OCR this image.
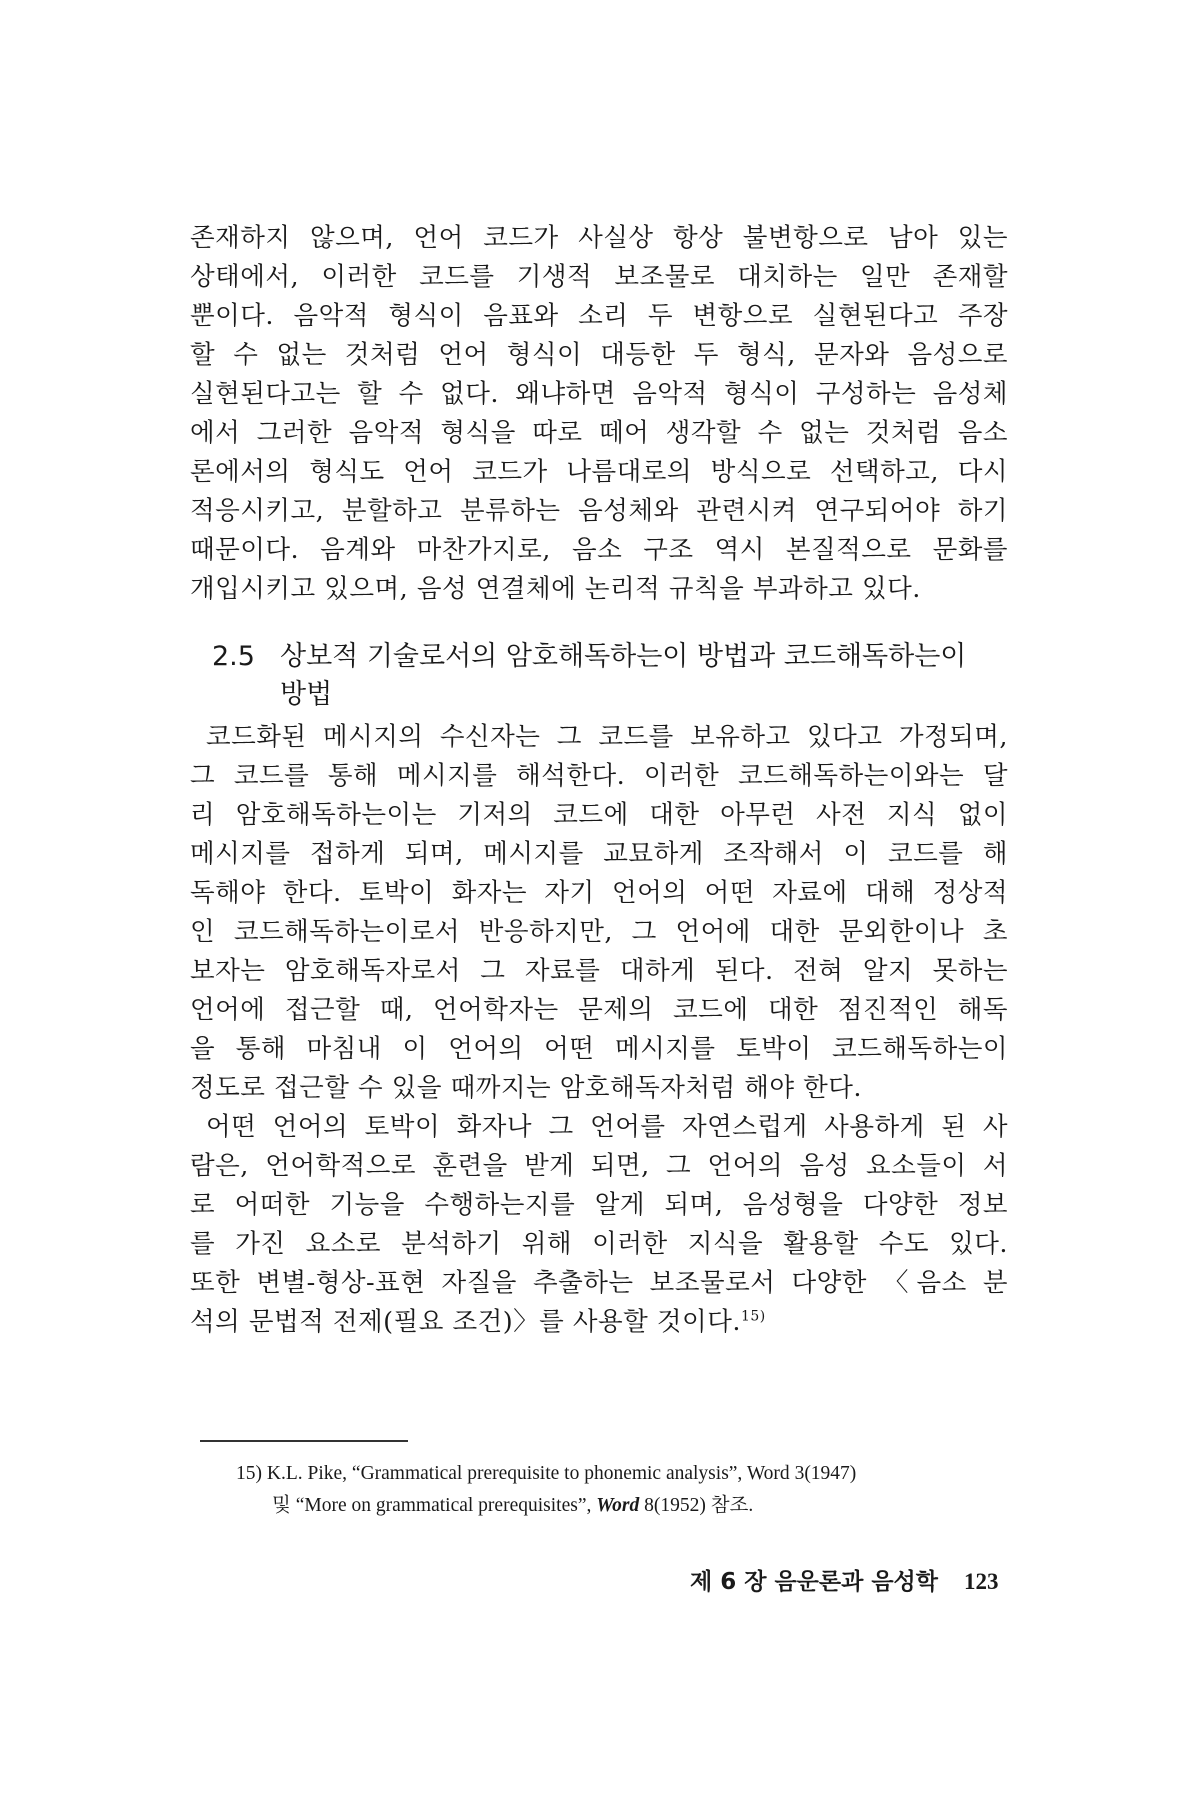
존재하지 않으며, 언어 코드가 사실상 항상 불변항으로 남아 있는
상태에서, 이러한 코드를 기생적 보조물로 대치하는 일만 존재할
뿐이다. 음악적 형식이 음표와 소리 두 변항으로 실현된다고 주장
할 수 없는 것처럼 언어 형식이 대등한 두 형식, 문자와 음성으로
실현된다고는 할 수 없다. 왜냐하면 음악적 형식이 구성하는 음성체
에서 그러한 음악적 형식을 따로 떼어 생각할 수 없는 것처럼 음소
론에서의 형식도 언어 코드가 나름대로의 방식으로 선택하고, 다시
적응시키고, 분할하고 분류하는 음성체와 관련시켜 연구되어야 하기
때문이다. 음계와 마찬가지로, 음소 구조 역시 본질적으로 문화를
개입시키고 있으며, 음성 연결체에 논리적 규칙을 부과하고 있다.
2.5 상보적 기술로서의 암호해독하는이 방법과 코드해독하는이
방법
코드화된 메시지의 수신자는 그 코드를 보유하고 있다고 가정되며,
그 코드를 통해 메시지를 해석한다. 이러한 코드해독하는이와는 달
리 암호해독하는이는 기저의 코드에 대한 아무런 사전 지식 없이
메시지를 접하게 되며, 메시지를 교묘하게 조작해서 이 코드를 해
독해야 한다. 토박이 화자는 자기 언어의 어떤 자료에 대해 정상적
인 코드해독하는이로서 반응하지만, 그 언어에 대한 문외한이나 초
보자는 암호해독자로서 그 자료를 대하게 된다. 전혀 알지 못하는
언어에 접근할 때, 언어학자는 문제의 코드에 대한 점진적인 해독
을 통해 마침내 이 언어의 어떤 메시지를 토박이 코드해독하는이
정도로 접근할 수 있을 때까지는 암호해독자처럼 해야 한다.
어떤 언어의 토박이 화자나 그 언어를 자연스럽게 사용하게 된 사
람은, 언어학적으로 훈련을 받게 되면, 그 언어의 음성 요소들이 서
로 어떠한 기능을 수행하는지를 알게 되며, 음성형을 다양한 정보
를 가진 요소로 분석하기 위해 이러한 지식을 활용할 수도 있다.
또한 변별-형상-표현 자질을 추출하는 보조물로서 다양한 〈음소 분
석의 문법적 전제(필요 조건)〉를 사용할 것이다.$^{15)}$
15) K.L. Pike, “Grammatical prerequisite to phonemic analysis”, Word 3(1947)
및 “More on grammatical prerequisites”, Word 8(1952) 참조.
제 6 장 음운론과 음성학 123
